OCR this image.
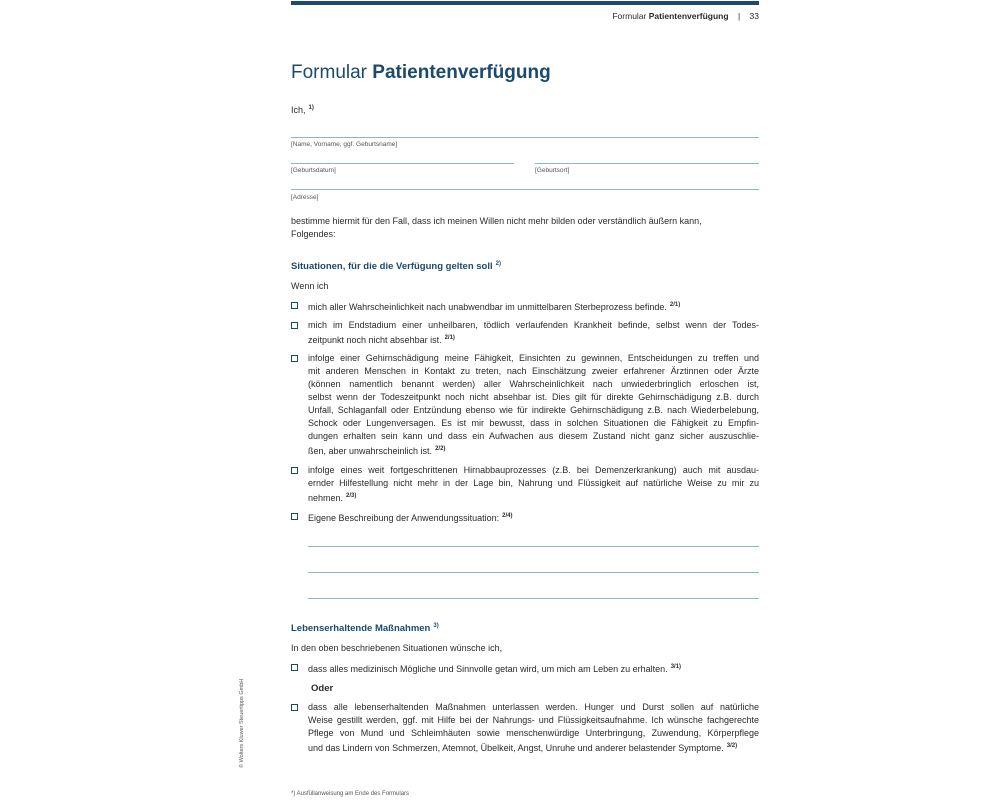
Formular Patientenverfügung | 33
Formular Patientenverfügung
Ich, $^{1)}$
[Name, Vorname, ggf. Geburtsname]
[Geburtsdatum]	[Geburtsort]
[Adresse]
bestimme hiermit für den Fall, dass ich meinen Willen nicht mehr bilden oder verständlich äußern kann,
Folgendes:
Situationen, für die die Verfügung gelten soll $^{2)}$
Wenn ich
mich aller Wahrscheinlichkeit nach unabwendbar im unmittelbaren Sterbeprozess befinde. $^{2/1)}$
mich im Endstadium einer unheilbaren, tödlich verlaufenden Krankheit befinde, selbst wenn der Todes-
zeitpunkt noch nicht absehbar ist. $^{2/1)}$
infolge einer Gehirnschädigung meine Fähigkeit, Einsichten zu gewinnen, Entscheidungen zu treffen und
mit anderen Menschen in Kontakt zu treten, nach Einschätzung zweier erfahrener Ärztinnen oder Ärzte
(können namentlich benannt werden) aller Wahrscheinlichkeit nach unwiederbringlich erloschen ist,
selbst wenn der Todeszeitpunkt noch nicht absehbar ist. Dies gilt für direkte Gehirnschädigung z.B. durch
Unfall, Schlaganfall oder Entzündung ebenso wie für indirekte Gehirnschädigung z.B. nach Wiederbelebung,
Schock oder Lungenversagen. Es ist mir bewusst, dass in solchen Situationen die Fähigkeit zu Empfin-
dungen erhalten sein kann und dass ein Aufwachen aus diesem Zustand nicht ganz sicher auszuschlie-
ßen, aber unwahrscheinlich ist. $^{2/2)}$
infolge eines weit fortgeschrittenen Hirnabbauprozesses (z.B. bei Demenzerkrankung) auch mit ausdau-
ernder Hilfestellung nicht mehr in der Lage bin, Nahrung und Flüssigkeit auf natürliche Weise zu mir zu
nehmen. $^{2/3)}$
Eigene Beschreibung der Anwendungssituation: $^{2/4)}$
Lebenserhaltende Maßnahmen $^{3)}$
In den oben beschriebenen Situationen wünsche ich,
dass alles medizinisch Mögliche und Sinnvolle getan wird, um mich am Leben zu erhalten. $^{3/1)}$
Oder
dass alle lebenserhaltenden Maßnahmen unterlassen werden. Hunger und Durst sollen auf natürliche
Weise gestillt werden, ggf. mit Hilfe bei der Nahrungs- und Flüssigkeitsaufnahme. Ich wünsche fachgerechte
Pflege von Mund und Schleimhäuten sowie menschenwürdige Unterbringung, Zuwendung, Körperpflege
und das Lindern von Schmerzen, Atemnot, Übelkeit, Angst, Unruhe und anderer belastender Symptome. $^{3/2)}$
© Wolters Kluwer Steuertipps GmbH
*) Ausfüllanweisung am Ende des Formulars
